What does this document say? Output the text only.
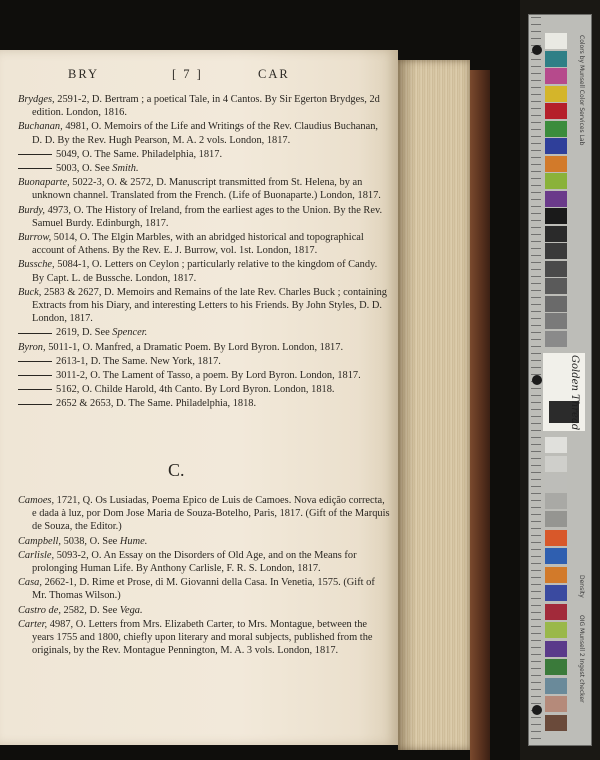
BRY	[ 7 ]	CAR

Brydges, 2591-2, D. Bertram ; a poetical Tale, in 4 Cantos. By Sir Egerton Brydges, 2d edition. London, 1816.

Buchanan, 4981, O. Memoirs of the Life and Writings of the Rev. Claudius Buchanan, D. D. By the Rev. Hugh Pearson, M. A. 2 vols. London, 1817.

5049, O. The Same. Philadelphia, 1817.

5003, O. See Smith.

Buonaparte, 5022-3, O. & 2572, D. Manuscript transmitted from St. Helena, by an unknown channel. Translated from the French. (Life of Buonaparte.) London, 1817.

Burdy, 4973, O. The History of Ireland, from the earliest ages to the Union. By the Rev. Samuel Burdy. Edinburgh, 1817.

Burrow, 5014, O. The Elgin Marbles, with an abridged historical and topographical account of Athens. By the Rev. E. J. Burrow, vol. 1st. London, 1817.

Bussche, 5084-1, O. Letters on Ceylon ; particularly relative to the kingdom of Candy. By Capt. L. de Bussche. London, 1817.

Buck, 2583 & 2627, D. Memoirs and Remains of the late Rev. Charles Buck ; containing Extracts from his Diary, and interesting Letters to his Friends. By John Styles, D. D. London, 1817.

2619, D. See Spencer.

Byron, 5011-1, O. Manfred, a Dramatic Poem. By Lord Byron. London, 1817.

2613-1, D. The Same. New York, 1817.

3011-2, O. The Lament of Tasso, a poem. By Lord Byron. London, 1817.

5162, O. Childe Harold, 4th Canto. By Lord Byron. London, 1818.

2652 & 2653, D. The Same. Philadelphia, 1818.

C.

Camoes, 1721, Q. Os Lusiadas, Poema Epico de Luis de Camoes. Nova edição correcta, e dada à luz, por Dom Jose Maria de Souza-Botelho, Paris, 1817. (Gift of the Marquis de Souza, the Editor.)

Campbell, 5038, O. See Hume.

Carlisle, 5093-2, O. An Essay on the Disorders of Old Age, and on the Means for prolonging Human Life. By Anthony Carlisle, F. R. S. London, 1817.

Casa, 2662-1, D. Rime et Prose, di M. Giovanni della Casa. In Venetia, 1575. (Gift of Mr. Thomas Wilson.)

Castro de, 2582, D. See Vega.

Carter, 4987, O. Letters from Mrs. Elizabeth Carter, to Mrs. Montague, between the years 1755 and 1800, chiefly upon literary and moral subjects, published from the originals, by the Rev. Montague Pennington, M. A. 3 vols. London, 1817.

Colors by Munsell Color Services Lab
Golden Thread
Density
OIG Munsell 2 Ingest checker
